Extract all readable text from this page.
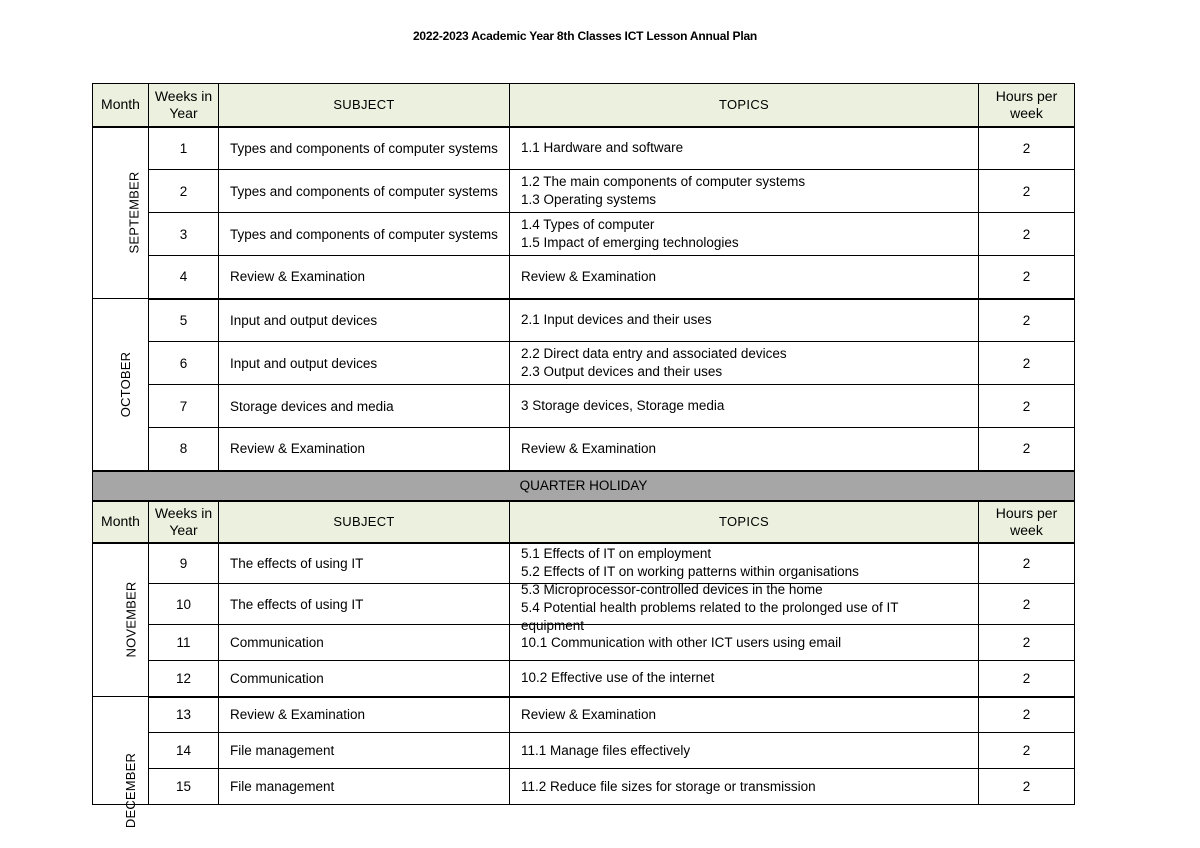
2022-2023 Academic Year 8th Classes ICT Lesson Annual Plan
Month	Weeks in Year	SUBJECT	TOPICS	Hours per week
SEPTEMBER	1	Types and components of computer systems	1.1 Hardware and software	2
	2	Types and components of computer systems	1.2 The main components of computer systems
1.3 Operating systems	2
	3	Types and components of computer systems	1.4 Types of computer
1.5 Impact of emerging technologies	2
	4	Review & Examination	Review & Examination	2
OCTOBER	5	Input and output devices	2.1 Input devices and their uses	2
	6	Input and output devices	2.2 Direct data entry and associated devices
2.3 Output devices and their uses	2
	7	Storage devices and media	3 Storage devices, Storage media	2
	8	Review & Examination	Review & Examination	2
QUARTER HOLIDAY				
Month	Weeks in Year	SUBJECT	TOPICS	Hours per week
NOVEMBER	9	The effects of using IT	5.1 Effects of IT on employment
5.2 Effects of IT on working patterns within organisations	2
	10	The effects of using IT	5.3 Microprocessor-controlled devices in the home
5.4 Potential health problems related to the prolonged use of IT
equipment	2
	11	Communication	10.1 Communication with other ICT users using email	2
	12	Communication	10.2 Effective use of the internet	2
DECEMBER	13	Review & Examination	Review & Examination	2
	14	File management	11.1 Manage files effectively	2
	15	File management	11.2 Reduce file sizes for storage or transmission	2
